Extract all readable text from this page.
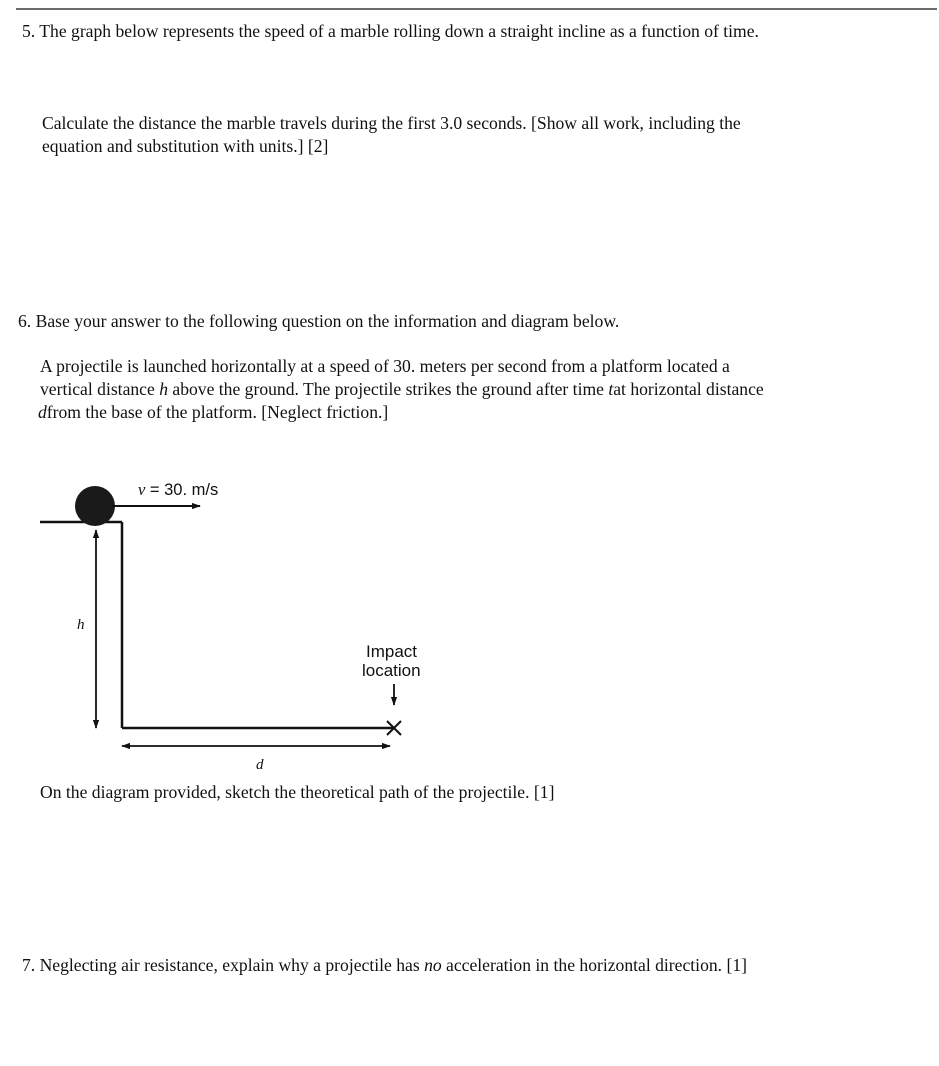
5. The graph below represents the speed of a marble rolling down a straight incline as a function of time.

Calculate the distance the marble travels during the first 3.0 seconds. [Show all work, including the

equation and substitution with units.] [2]

6. Base your answer to the following question on the information and diagram below.

A projectile is launched horizontally at a speed of 30. meters per second from a platform located a

vertical distance h above the ground. The projectile strikes the ground after time tat horizontal distance

dfrom the base of the platform. [Neglect friction.]

v = 30. m/s

h

d

Impact

location

On the diagram provided, sketch the theoretical path of the projectile. [1]

7. Neglecting air resistance, explain why a projectile has no acceleration in the horizontal direction. [1]
